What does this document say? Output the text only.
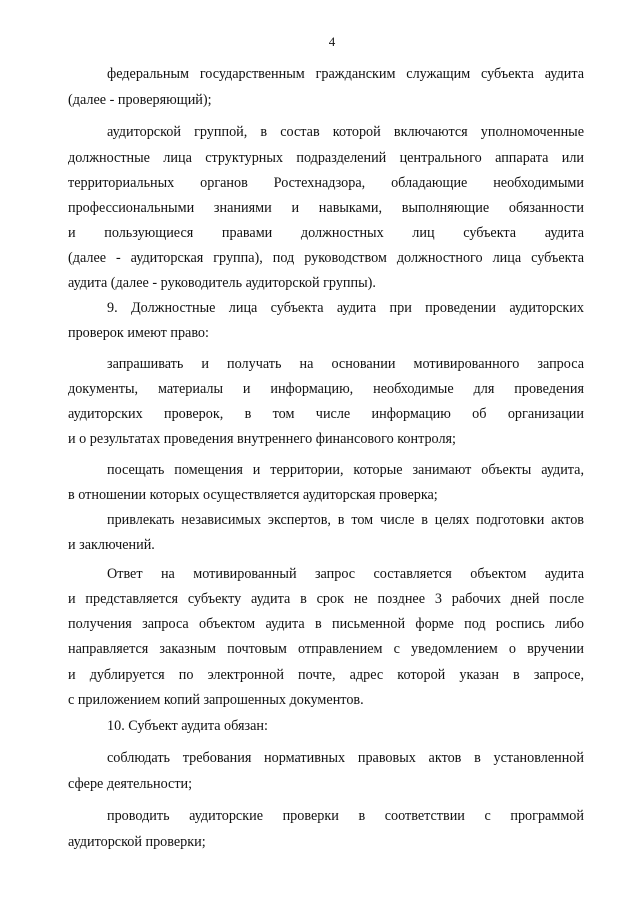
4
федеральным государственным гражданским служащим субъекта аудита
(далее - проверяющий);
аудиторской группой, в состав которой включаются уполномоченные
должностные лица структурных подразделений центрального аппарата или
территориальных органов Ростехнадзора, обладающие необходимыми
профессиональными знаниями и навыками, выполняющие обязанности
и пользующиеся правами должностных лиц субъекта аудита
(далее - аудиторская группа), под руководством должностного лица субъекта
аудита (далее - руководитель аудиторской группы).
9. Должностные лица субъекта аудита при проведении аудиторских
проверок имеют право:
запрашивать и получать на основании мотивированного запроса
документы, материалы и информацию, необходимые для проведения
аудиторских проверок, в том числе информацию об организации
и о результатах проведения внутреннего финансового контроля;
посещать помещения и территории, которые занимают объекты аудита,
в отношении которых осуществляется аудиторская проверка;
привлекать независимых экспертов, в том числе в целях подготовки актов
и заключений.
Ответ на мотивированный запрос составляется объектом аудита
и представляется субъекту аудита в срок не позднее 3 рабочих дней после
получения запроса объектом аудита в письменной форме под роспись либо
направляется заказным почтовым отправлением с уведомлением о вручении
и дублируется по электронной почте, адрес которой указан в запросе,
с приложением копий запрошенных документов.
10. Субъект аудита обязан:
соблюдать требования нормативных правовых актов в установленной
сфере деятельности;
проводить аудиторские проверки в соответствии с программой
аудиторской проверки;
